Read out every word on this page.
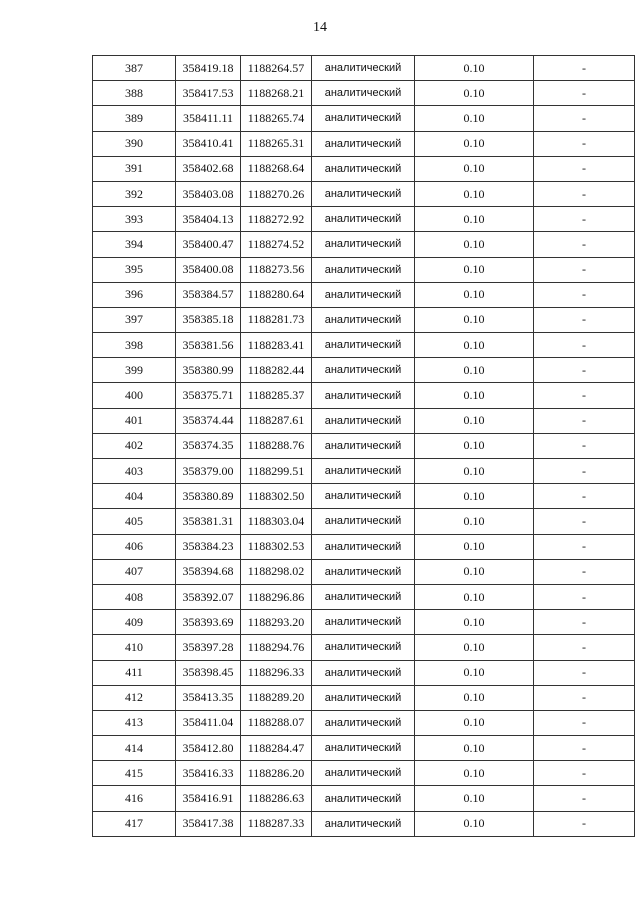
14
387	358419.18	1188264.57	аналитический	0.10	-
388	358417.53	1188268.21	аналитический	0.10	-
389	358411.11	1188265.74	аналитический	0.10	-
390	358410.41	1188265.31	аналитический	0.10	-
391	358402.68	1188268.64	аналитический	0.10	-
392	358403.08	1188270.26	аналитический	0.10	-
393	358404.13	1188272.92	аналитический	0.10	-
394	358400.47	1188274.52	аналитический	0.10	-
395	358400.08	1188273.56	аналитический	0.10	-
396	358384.57	1188280.64	аналитический	0.10	-
397	358385.18	1188281.73	аналитический	0.10	-
398	358381.56	1188283.41	аналитический	0.10	-
399	358380.99	1188282.44	аналитический	0.10	-
400	358375.71	1188285.37	аналитический	0.10	-
401	358374.44	1188287.61	аналитический	0.10	-
402	358374.35	1188288.76	аналитический	0.10	-
403	358379.00	1188299.51	аналитический	0.10	-
404	358380.89	1188302.50	аналитический	0.10	-
405	358381.31	1188303.04	аналитический	0.10	-
406	358384.23	1188302.53	аналитический	0.10	-
407	358394.68	1188298.02	аналитический	0.10	-
408	358392.07	1188296.86	аналитический	0.10	-
409	358393.69	1188293.20	аналитический	0.10	-
410	358397.28	1188294.76	аналитический	0.10	-
411	358398.45	1188296.33	аналитический	0.10	-
412	358413.35	1188289.20	аналитический	0.10	-
413	358411.04	1188288.07	аналитический	0.10	-
414	358412.80	1188284.47	аналитический	0.10	-
415	358416.33	1188286.20	аналитический	0.10	-
416	358416.91	1188286.63	аналитический	0.10	-
417	358417.38	1188287.33	аналитический	0.10	-
